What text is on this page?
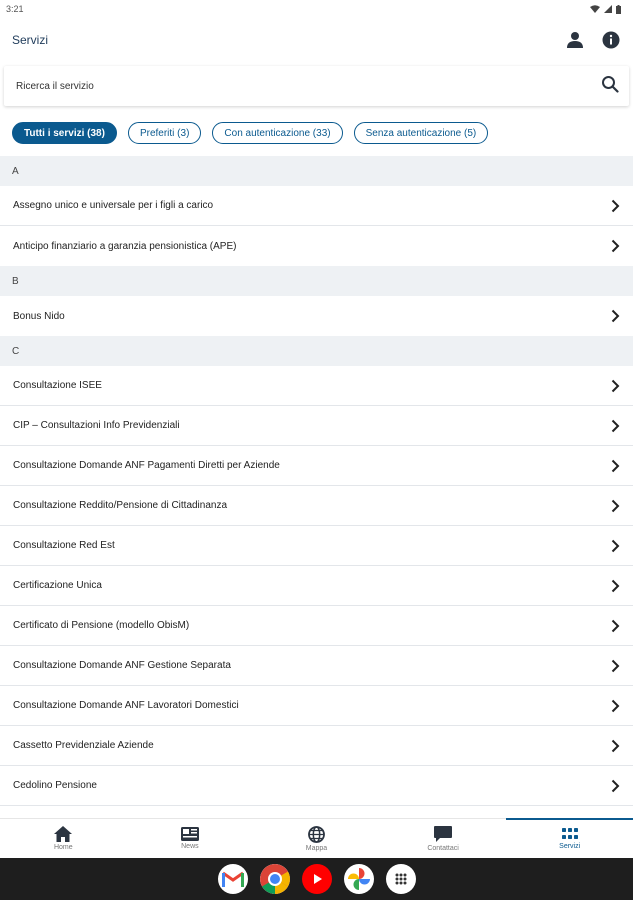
3:21
Servizi
Ricerca il servizio
Tutti i servizi (38)	Preferiti (3)	Con autenticazione (33)	Senza autenticazione (5)
A
Assegno unico e universale per i figli a carico
Anticipo finanziario a garanzia pensionistica (APE)
B
Bonus Nido
C
Consultazione ISEE
CIP – Consultazioni Info Previdenziali
Consultazione Domande ANF Pagamenti Diretti per Aziende
Consultazione Reddito/Pensione di Cittadinanza
Consultazione Red Est
Certificazione Unica
Certificato di Pensione (modello ObisM)
Consultazione Domande ANF Gestione Separata
Consultazione Domande ANF Lavoratori Domestici
Cassetto Previdenziale Aziende
Cedolino Pensione
Home	News	Mappa	Contattaci	Servizi
